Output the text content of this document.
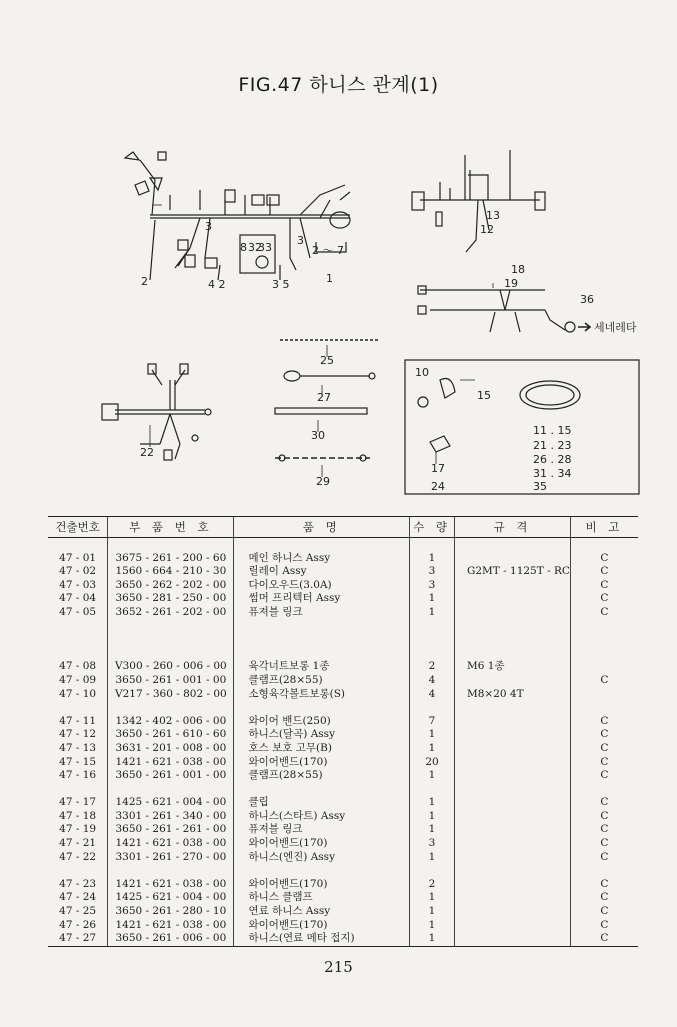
FIG.47 하니스 관계(1)
2
3
3
4 2	3 5
2 ～ 7
1
8 32
33
13
12
18
19
36
세네레타
25
27
30
29
22
10
15
17
24
11 . 15
21 . 23
26 . 28
31 . 34
35
건출번호	부 품 번 호	품 명	수 량	규 격	비 고

47 - 01	3675 - 261 - 200 - 60	메인 하니스 Assy	1		C
47 - 02	1560 - 664 - 210 - 30	릴레이 Assy	3	G2MT - 1125T - RC	C
47 - 03	3650 - 262 - 202 - 00	다이오우드(3.0A)	3		C
47 - 04	3650 - 281 - 250 - 00	썸머 프리텍터 Assy	1		C
47 - 05	3652 - 261 - 202 - 00	퓨져블 링크	1		C

47 - 08	V300 - 260 - 006 - 00	육각너트보롱 1종	2	M6 1종	
47 - 09	3650 - 261 - 001 - 00	클램프(28×55)	4		C
47 - 10	V217 - 360 - 802 - 00	소형육각볼트보롱(S)	4	M8×20 4T	

47 - 11	1342 - 402 - 006 - 00	와이어 밴드(250)	7		C
47 - 12	3650 - 261 - 610 - 60	하니스(달곡) Assy	1		C
47 - 13	3631 - 201 - 008 - 00	호스 보호 고무(B)	1		C
47 - 15	1421 - 621 - 038 - 00	와이어밴드(170)	20		C
47 - 16	3650 - 261 - 001 - 00	클램프(28×55)	1		C

47 - 17	1425 - 621 - 004 - 00	클립	1		C
47 - 18	3301 - 261 - 340 - 00	하니스(스타트) Assy	1		C
47 - 19	3650 - 261 - 261 - 00	퓨져블 링크	1		C
47 - 21	1421 - 621 - 038 - 00	와이어밴드(170)	3		C
47 - 22	3301 - 261 - 270 - 00	하니스(엔진) Assy	1		C

47 - 23	1421 - 621 - 038 - 00	와이어밴드(170)	2		C
47 - 24	1425 - 621 - 004 - 00	하니스 클램프	1		C
47 - 25	3650 - 261 - 280 - 10	연료 하니스 Assy	1		C
47 - 26	1421 - 621 - 038 - 00	와이어밴드(170)	1		C
47 - 27	3650 - 261 - 006 - 00	하니스(연료 메타 접지)	1		C
215
